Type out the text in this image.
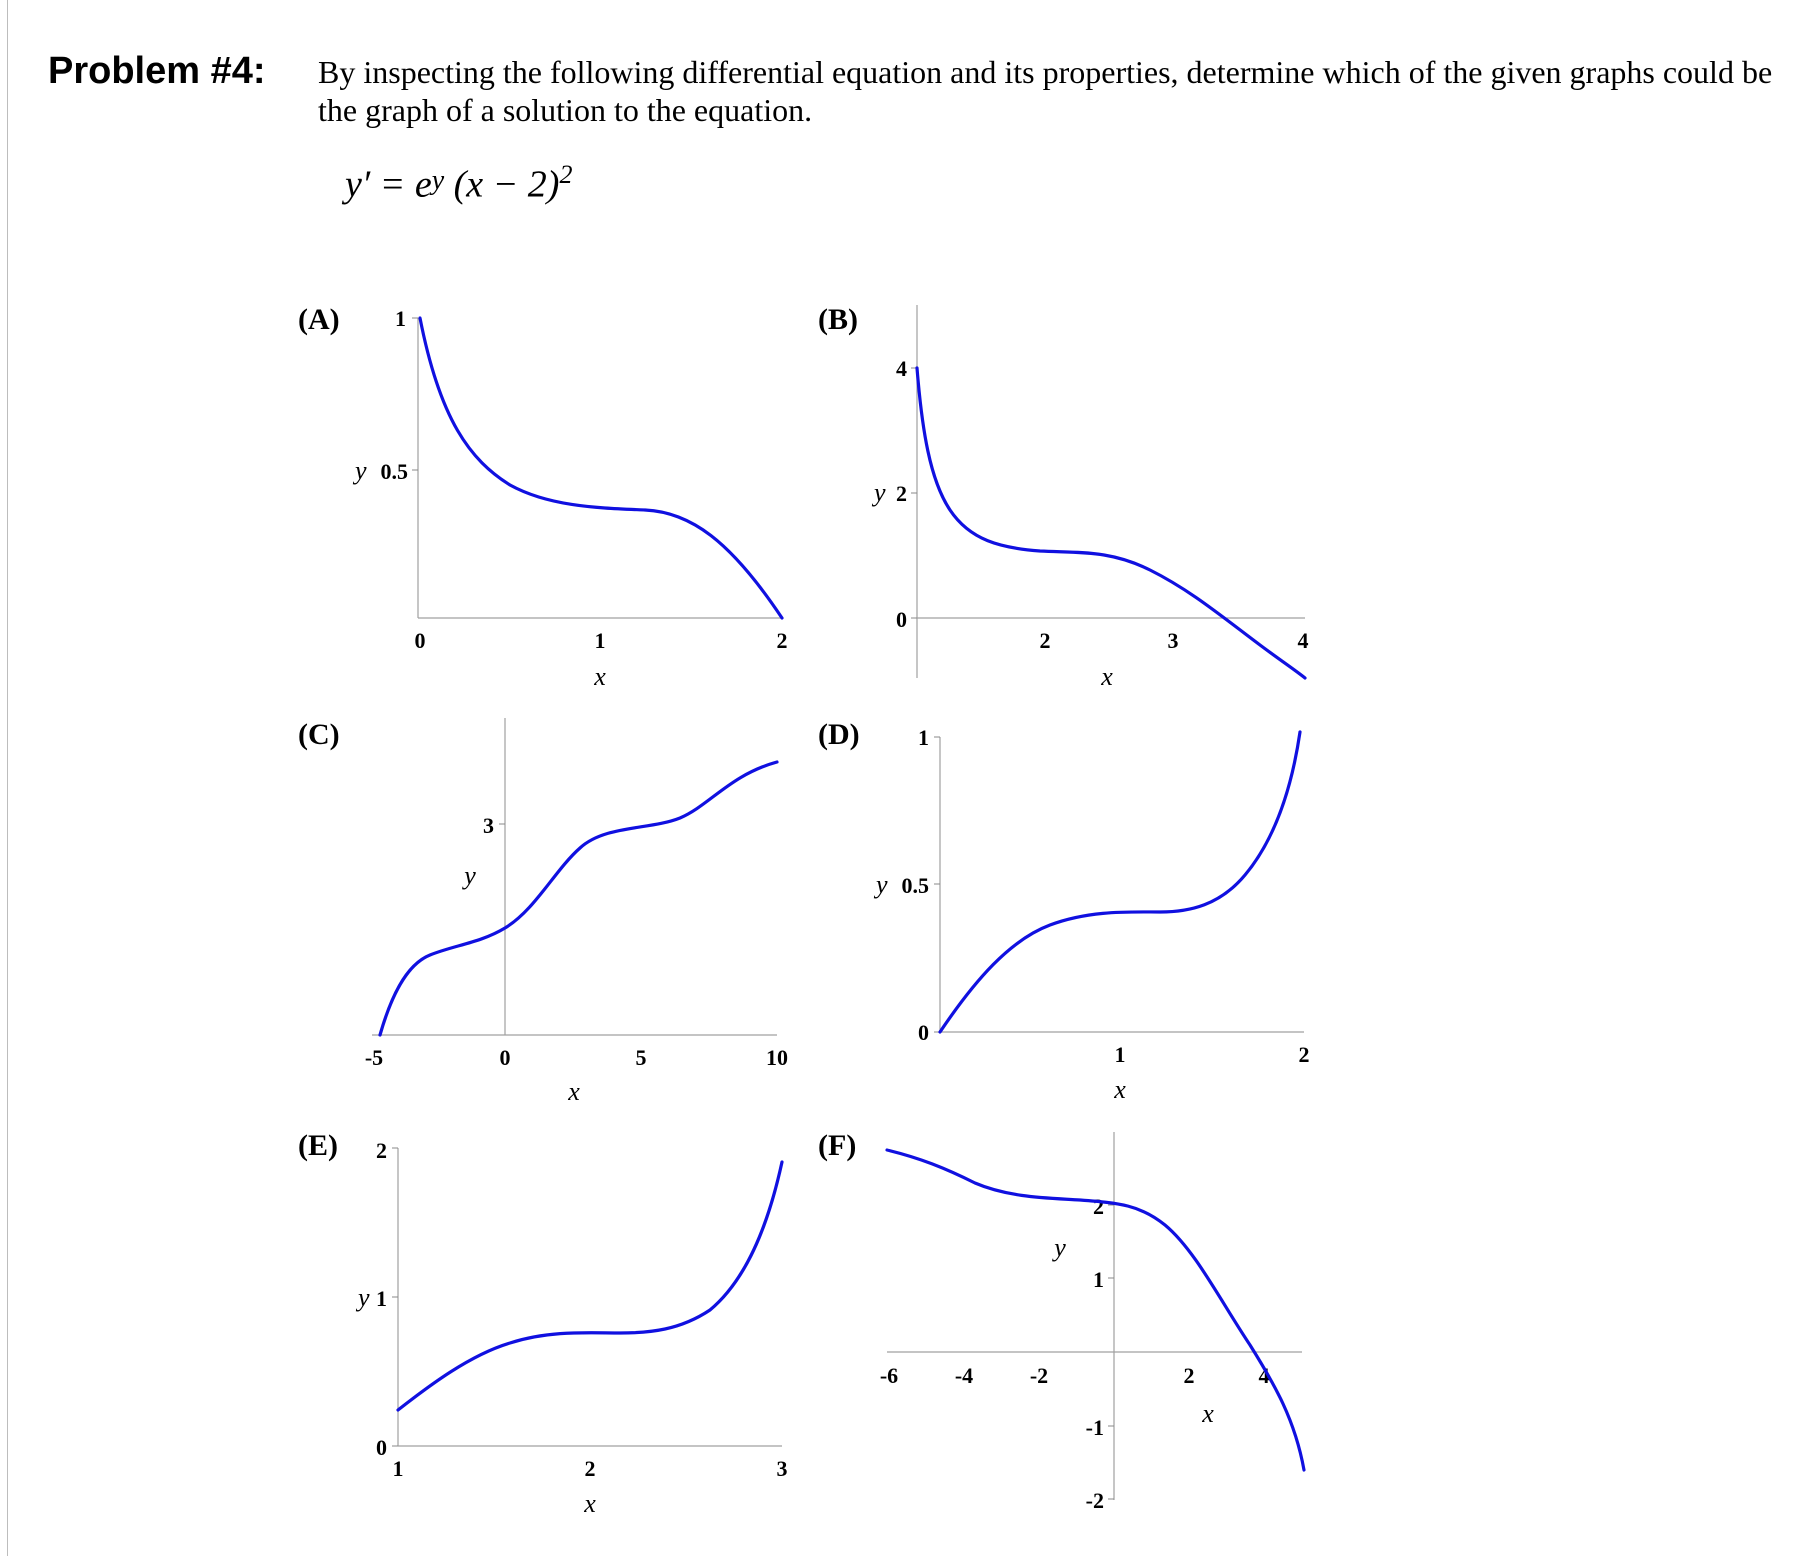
Problem #4: By inspecting the following differential equation and its properties, determine which of the given graphs could be
the graph of a solution to the equation.
$y' = e^y$ $(x - 2)^2$
(A)	1
0.5
y
0	1	2
x
(B)
4
2
0
y
2	3	4
x
(C)
3
y
-5	0	5	10
x
(D)	1
0.5
0
y
1	2
x
(E) 2
1
0
y
1	2	3
x
(F)
2
1
-1
-2
y
-6	-4	-2	2	4
x
